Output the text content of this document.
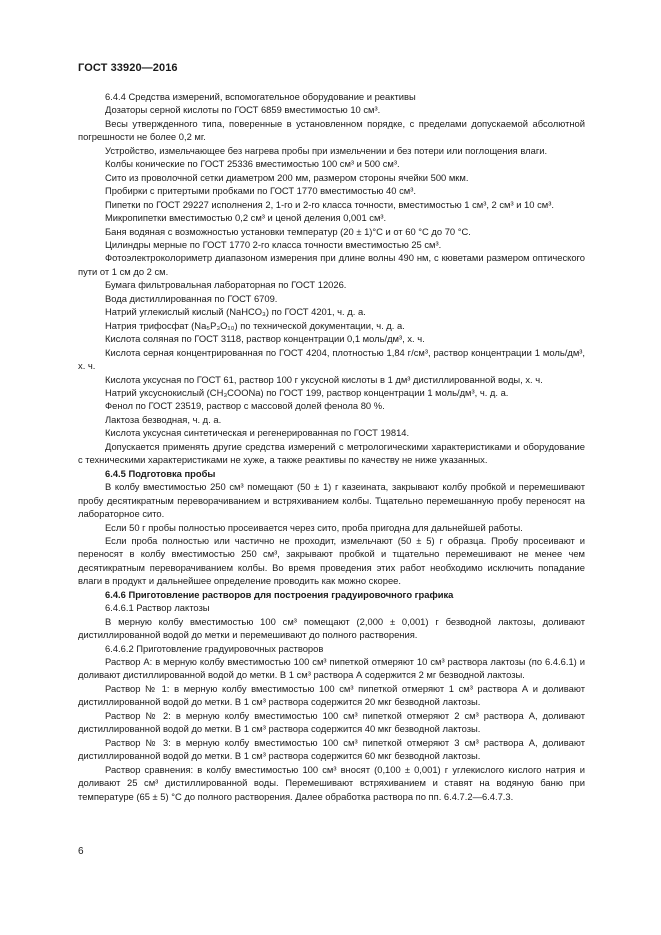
ГОСТ 33920—2016

6.4.4 Средства измерений, вспомогательное оборудование и реактивы

Дозаторы серной кислоты по ГОСТ 6859 вместимостью 10 см³.

Весы утвержденного типа, поверенные в установленном порядке, с пределами допускаемой абсолютной погрешности не более 0,2 мг.

Устройство, измельчающее без нагрева пробы при измельчении и без потери или поглощения влаги.

Колбы конические по ГОСТ 25336 вместимостью 100 см³ и 500 см³.

Сито из проволочной сетки диаметром 200 мм, размером стороны ячейки 500 мкм.

Пробирки с притертыми пробками по ГОСТ 1770 вместимостью 40 см³.

Пипетки по ГОСТ 29227 исполнения 2, 1-го и 2-го класса точности, вместимостью 1 см³, 2 см³ и 10 см³.

Микропипетки вместимостью 0,2 см³ и ценой деления 0,001 см³.

Баня водяная с возможностью установки температур (20 ± 1)°С и от 60 °С до 70 °С.

Цилиндры мерные по ГОСТ 1770 2-го класса точности вместимостью 25 см³.

Фотоэлектроколориметр диапазоном измерения при длине волны 490 нм, с кюветами размером оптического пути от 1 см до 2 см.

Бумага фильтровальная лабораторная по ГОСТ 12026.

Вода дистиллированная по ГОСТ 6709.

Натрий углекислый кислый (NaHCO₃) по ГОСТ 4201, ч. д. а.

Натрия трифосфат (Na₅P₃O₁₀) по технической документации, ч. д. а.

Кислота соляная по ГОСТ 3118, раствор концентрации 0,1 моль/дм³, х. ч.

Кислота серная концентрированная по ГОСТ 4204, плотностью 1,84 г/см³, раствор концентрации 1 моль/дм³, х. ч.

Кислота уксусная по ГОСТ 61, раствор 100 г уксусной кислоты в 1 дм³ дистиллированной воды, х. ч.

Натрий уксуснокислый (CH₃COONa) по ГОСТ 199, раствор концентрации 1 моль/дм³, ч. д. а.

Фенол по ГОСТ 23519, раствор с массовой долей фенола 80 %.

Лактоза безводная, ч. д. а.

Кислота уксусная синтетическая и регенерированная по ГОСТ 19814.

Допускается применять другие средства измерений с метрологическими характеристиками и оборудование с техническими характеристиками не хуже, а также реактивы по качеству не ниже указанных.

6.4.5 Подготовка пробы

В колбу вместимостью 250 см³ помещают (50 ± 1) г казеината, закрывают колбу пробкой и перемешивают пробу десятикратным переворачиванием и встряхиванием колбы. Тщательно перемешанную пробу переносят на лабораторное сито.

Если 50 г пробы полностью просеивается через сито, проба пригодна для дальнейшей работы.

Если проба полностью или частично не проходит, измельчают (50 ± 5) г образца. Пробу просеивают и переносят в колбу вместимостью 250 см³, закрывают пробкой и тщательно перемешивают не менее чем десятикратным переворачиванием колбы. Во время проведения этих работ необходимо исключить попадание влаги в продукт и дальнейшее определение проводить как можно скорее.

6.4.6 Приготовление растворов для построения градуировочного графика

6.4.6.1 Раствор лактозы

В мерную колбу вместимостью 100 см³ помещают (2,000 ± 0,001) г безводной лактозы, доливают дистиллированной водой до метки и перемешивают до полного растворения.

6.4.6.2 Приготовление градуировочных растворов

Раствор А: в мерную колбу вместимостью 100 см³ пипеткой отмеряют 10 см³ раствора лактозы (по 6.4.6.1) и доливают дистиллированной водой до метки. В 1 см³ раствора А содержится 2 мг безводной лактозы.

Раствор № 1: в мерную колбу вместимостью 100 см³ пипеткой отмеряют 1 см³ раствора А и доливают дистиллированной водой до метки. В 1 см³ раствора содержится 20 мкг безводной лактозы.

Раствор № 2: в мерную колбу вместимостью 100 см³ пипеткой отмеряют 2 см³ раствора А, доливают дистиллированной водой до метки. В 1 см³ раствора содержится 40 мкг безводной лактозы.

Раствор № 3: в мерную колбу вместимостью 100 см³ пипеткой отмеряют 3 см³ раствора А, доливают дистиллированной водой до метки. В 1 см³ раствора содержится 60 мкг безводной лактозы.

Раствор сравнения: в колбу вместимостью 100 см³ вносят (0,100 ± 0,001) г углекислого кислого натрия и доливают 25 см³ дистиллированной воды. Перемешивают встряхиванием и ставят на водяную баню при температуре (65 ± 5) °С до полного растворения. Далее обработка раствора по пп. 6.4.7.2—6.4.7.3.

6
